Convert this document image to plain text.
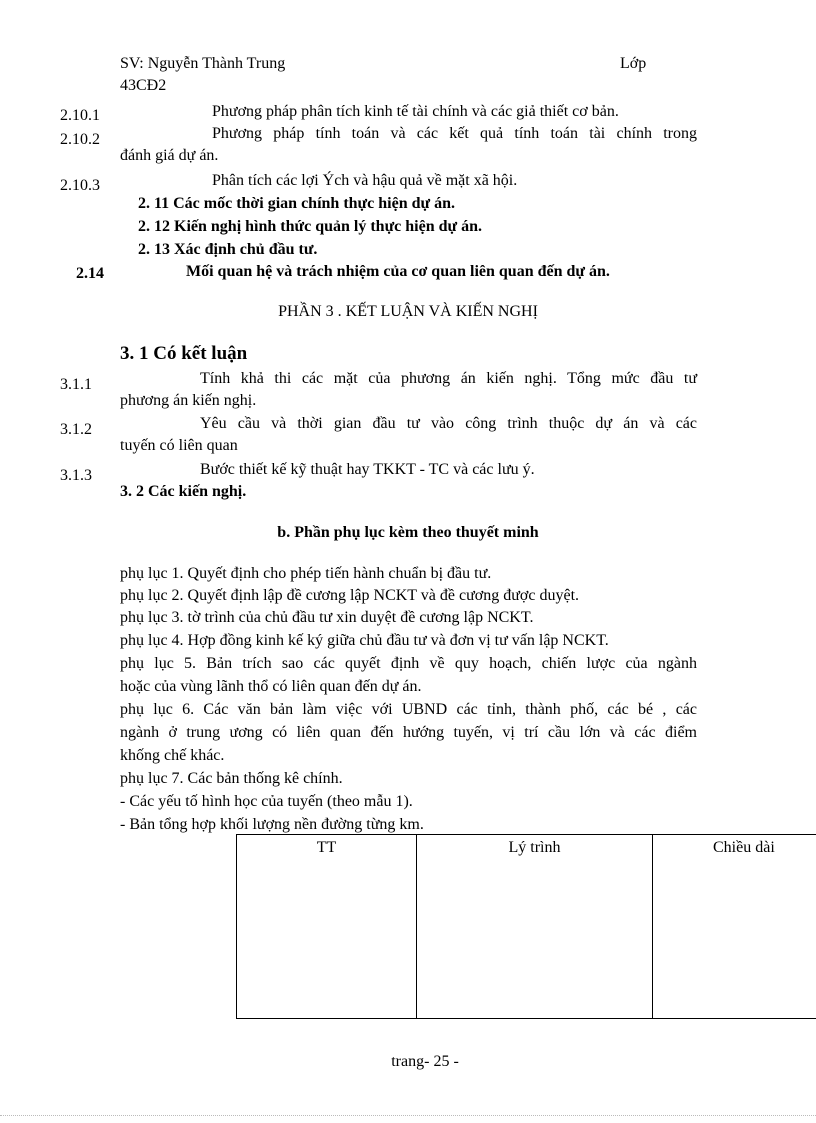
SV: Nguyễn Thành Trung	Lớp
43CĐ2
2.10.1	Phương pháp phân tích kinh tế tài chính và các giả thiết cơ bản.
2.10.2	Phương pháp tính toán và các kết quả tính toán tài chính trong
đánh giá dự án.
2.10.3	Phân tích các lợi Ých và hậu quả về mặt xã hội.
2. 11 Các mốc thời gian chính thực hiện dự án.
2. 12 Kiến nghị hình thức quản lý thực hiện dự án.
2. 13 Xác định chủ đầu tư.
2.14	Mối quan hệ và trách nhiệm của cơ quan liên quan đến dự án.
PHẦN 3 . KẾT LUẬN VÀ KIẾN NGHỊ
3. 1 Có kết luận
3.1.1	Tính khả thi các mặt của phương án kiến nghị. Tổng mức đầu tư
phương án kiến nghị.
3.1.2	Yêu cầu và thời gian đầu tư vào công trình thuộc dự án và các
tuyến có liên quan
3.1.3	Bước thiết kế kỹ thuật hay TKKT - TC và các lưu ý.
3. 2 Các kiến nghị.
b. Phần phụ lục kèm theo thuyết minh
phụ lục 1. Quyết định cho phép tiến hành chuẩn bị đầu tư.
phụ lục 2. Quyết định lập đề cương lập NCKT và đề cương được duyệt.
phụ lục 3. tờ trình của chủ đầu tư xin duyệt đề cương lập NCKT.
phụ lục 4. Hợp đồng kinh kế ký giữa chủ đầu tư và đơn vị tư vấn lập NCKT.
phụ lục 5. Bản trích sao các quyết định về quy hoạch, chiến lược của ngành
hoặc của vùng lãnh thổ có liên quan đến dự án.
phụ lục 6. Các văn bản làm việc với UBND các tỉnh, thành phố, các bé , các
ngành ở trung ương có liên quan đến hướng tuyến, vị trí cầu lớn và các điểm
khống chế khác.
phụ lục 7. Các bản thống kê chính.
- Các yếu tố hình học của tuyến (theo mẫu 1).
- Bản tổng hợp khối lượng nền đường từng km.
TT	Lý trình	Chiều dài
trang- 25 -
